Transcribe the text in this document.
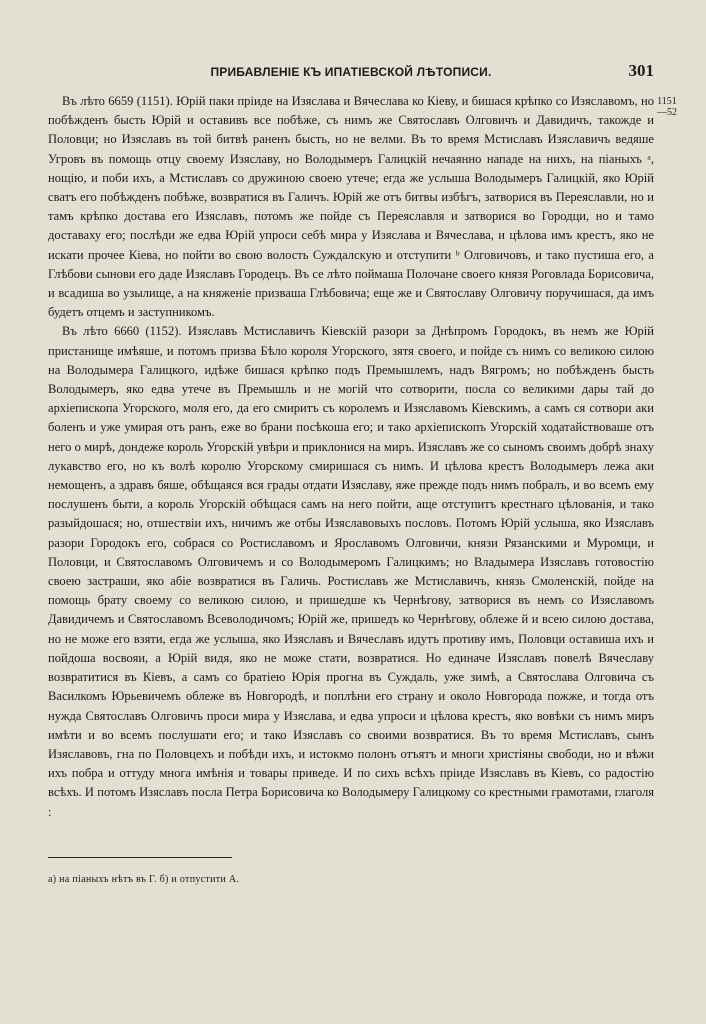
ПРИБАВЛЕНІЕ КЪ ИПАТІЕВСКОЙ ЛѢТОПИСИ.	301
1151
—52

Въ лѣто 6659 (1151). Юрій паки пріиде на Изяслава и Вячеслава ко Кіеву, и бишася крѣпко со Изяславомъ, но побѣжденъ бысть Юрій и оставивъ все побѣже, съ нимъ же Святославъ Олговичъ и Давидичъ, такожде и Половци; но Изяславъ въ той битвѣ раненъ бысть, но не велми. Въ то время Мстиславъ Изяславичъ ведяше Угровъ въ помощь отцу своему Изяславу, но Володымеръ Галицкій нечаянно нападе на нихъ, на піаныхъ ᵃ, нощію, и поби ихъ, а Мстиславъ со дружиною своею утече; егда же услыша Володымеръ Галицкій, яко Юрій сватъ его побѣжденъ побѣже, возвратися въ Галичъ. Юрій же отъ битвы избѣгъ, затворися въ Переяславли, но и тамъ крѣпко достава его Изяславъ, потомъ же пойде съ Переяславля и затворися во Городци, но и тамо доставаху его; послѣди же едва Юрій упроси себѣ мира у Изяслава и Вячеслава, и цѣлова имъ крестъ, яко не искати прочее Кіева, но пойти во свою волость Суждалскую и отступити ᵇ Олговичовъ, и тако пустиша его, а Глѣбови сынови его даде Изяславъ Городецъ. Въ се лѣто поймаша Полочане своего князя Роговлада Борисовича, и всадиша во узылище, а на княженіе призваша Глѣбовича; еще же и Святославу Олговичу поручишася, да имъ будетъ отцемъ и заступникомъ.

Въ лѣто 6660 (1152). Изяславъ Мстиславичъ Кіевскій разори за Днѣпромъ Городокъ, въ немъ же Юрій пристанище имѣяше, и потомъ призва Бѣло короля Угорского, зятя своего, и пойде съ нимъ со великою силою на Володымера Галицкого, идѣже бишася крѣпко подъ Премышлемъ, надъ Вягромъ; но побѣжденъ бысть Володымеръ, яко едва утече въ Премышль и не могій что сотворити, посла со великими дары тай до архіепископа Угорского, моля его, да его смиритъ съ королемъ и Изяславомъ Кіевскимъ, а самъ ся сотвори аки боленъ и уже умирая отъ ранъ, еже во брани посѣкоша его; и тако архіепископъ Угорскій ходатайствоваше отъ него о мирѣ, дондеже король Угорскій увѣри и приклонися на миръ. Изяславъ же со сыномъ своимъ добрѣ знаху лукавство его, но къ волѣ королю Угорскому смиришася съ нимъ. И цѣлова крестъ Володымеръ лежа аки немощенъ, а здравъ бяше, обѣщаяся вся грады отдати Изяславу, яже прежде подъ нимъ побралъ, и во всемъ ему послушенъ быти, а король Угорскій обѣщася самъ на него пойти, аще отступитъ крестнаго цѣлованія, и тако разыйдошася; но, отшествіи ихъ, ничимъ же отбы Изяславовыхъ пословъ. Потомъ Юрій услыша, яко Изяславъ разори Городокъ его, собрася со Ростиславомъ и Ярославомъ Олговичи, князи Рязанскими и Муромци, и Половци, и Святославомъ Олговичемъ и со Володымеромъ Галицкимъ; но Владымера Изяславъ готовостію своею застраши, яко абіе возвратися въ Галичь. Ростиславъ же Мстиславичъ, князь Смоленскій, пойде на помощь брату своему со великою силою, и пришедше къ Чернѣгову, затворися въ немъ со Изяславомъ Давидичемъ и Святославомъ Всеволодичомъ; Юрій же, пришедъ ко Чернѣгову, облеже й и всею силою достава, но не може его взяти, егда же услыша, яко Изяславъ и Вячеславъ идутъ противу имъ, Половци оставиша ихъ и пойдоша восвояи, а Юрій видя, яко не може стати, возвратися. Но единаче Изяславъ повелѣ Вячеславу возвратитися въ Кіевъ, а самъ со братіею Юрія прогна въ Суждаль, уже зимѣ, а Святослава Олговича съ Василкомъ Юрьевичемъ облеже въ Новгородѣ, и поплѣни его страну и около Новгорода пожже, и тогда отъ нужда Святославъ Олговичъ проси мира у Изяслава, и едва упроси и цѣлова крестъ, яко вовѣки съ нимъ миръ имѣти и во всемъ послушати его; и тако Изяславъ со своими возвратися. Въ то время Мстиславъ, сынъ Изяславовъ, гна по Половцехъ и побѣди ихъ, и истокмо полонъ отъятъ и многи христіяны свободи, но и вѣжи ихъ побра и оттуду многа имѣнія и товары приведе. И по сихъ всѣхъ пріиде Изяславъ въ Кіевъ, со радостію всѣхъ. И потомъ Изяславъ посла Петра Борисовича ко Володымеру Галицкому со крестными грамотами, глаголя :

а) на піаныхъ нѣтъ въ Г. б) и отпустити А.
